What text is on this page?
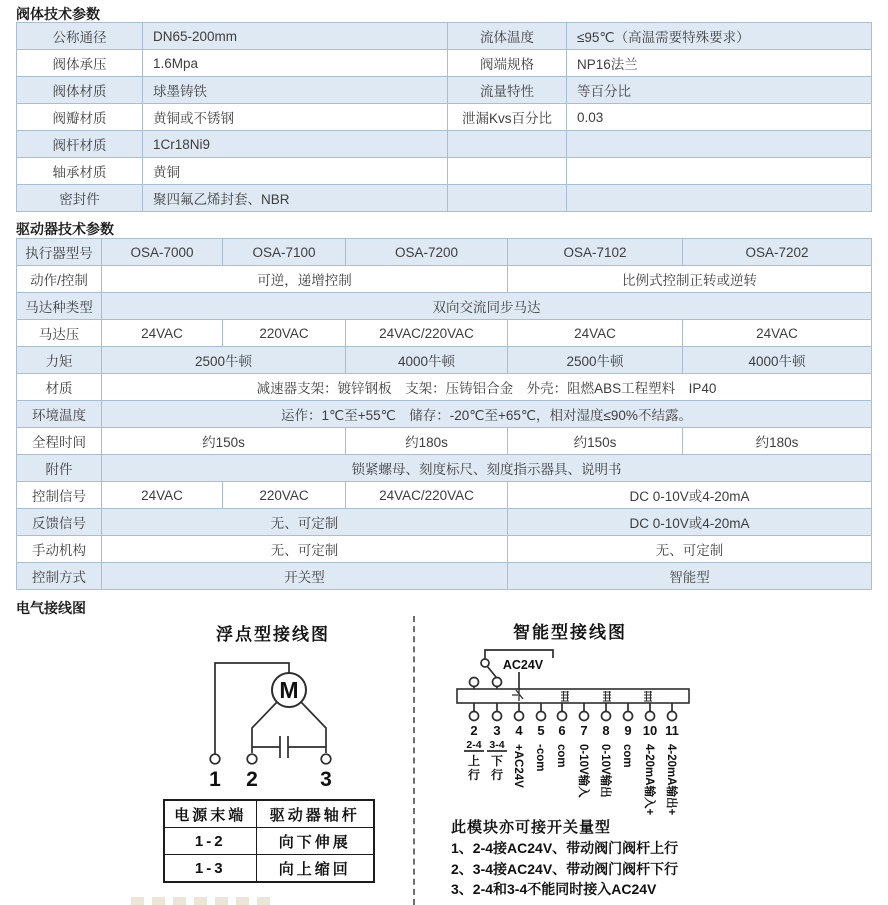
阀体技术参数
公称通径	DN65-200mm	流体温度	≤95℃（高温需要特殊要求）
阀体承压	1.6Mpa	阀端规格	NP16法兰
阀体材质	球墨铸铁	流量特性	等百分比
阀瓣材质	黄铜或不锈钢	泄漏Kvs百分比	0.03
阀杆材质	1Cr18Ni9		
轴承材质	黄铜		
密封件	聚四氟乙烯封套、NBR		
驱动器技术参数
执行器型号	OSA-7000	OSA-7100	OSA-7200	OSA-7102	OSA-7202
动作/控制	可逆，递增控制			比例式控制正转或逆转	
马达种类型	双向交流同步马达				
马达压	24VAC	220VAC	24VAC/220VAC	24VAC	24VAC
力矩	2500牛顿		4000牛顿	2500牛顿	4000牛顿
材质	减速器支架：镀锌钢板　支架：压铸铝合金　外壳：阻燃ABS工程塑料　IP40				
环境温度	运作：1℃至+55℃　储存：-20℃至+65℃，相对湿度≤90%不结露。				
全程时间	约150s		约180s	约150s	约180s
附件	锁紧螺母、刻度标尺、刻度指示器具、说明书				
控制信号	24VAC	220VAC	24VAC/220VAC	DC 0-10V或4-20mA	
反馈信号	无、可定制			DC 0-10V或4-20mA	
手动机构	无、可定制			无、可定制	
控制方式	开关型			智能型	
电气接线图
浮点型接线图
M
1 2	3
电源末端	驱动器轴杆
1-2	向下伸展
1-3	向上缩回
智能型接线图
AC24V
2
2-4
上
行
3
3-4
下
行
4
+AC24V
5
-com
6
com
7
0-10V输入
8
0-10V输出
9
com
10
4-20mA输入+
11
4-20mA输出+
此模块亦可接开关量型
1、2-4接AC24V、带动阀门阀杆上行
2、3-4接AC24V、带动阀门阀杆下行
3、2-4和3-4不能同时接入AC24V
